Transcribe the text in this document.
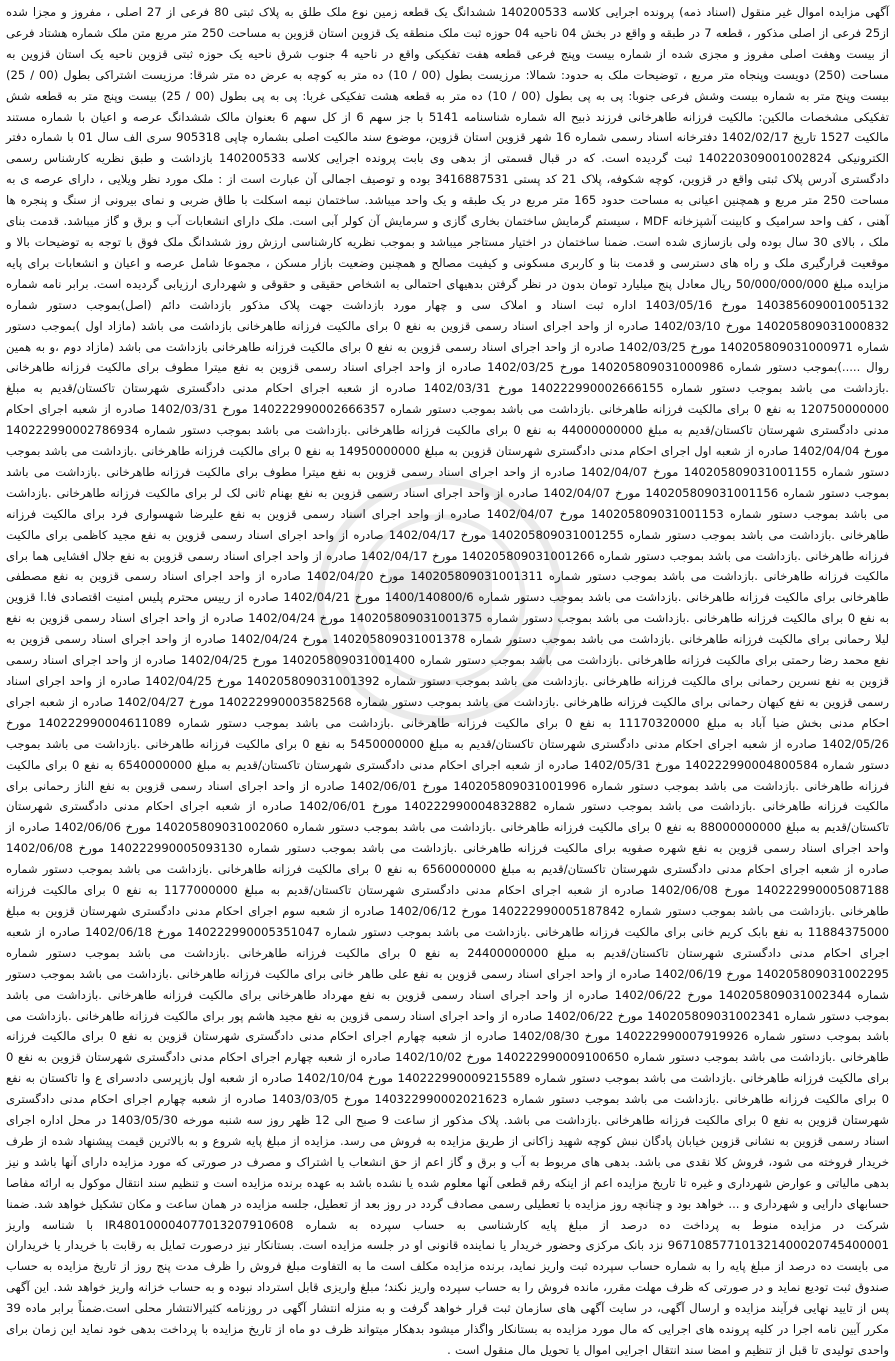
آگهی مزایده اموال غیر منقول (اسناد ذمه) پرونده اجرایی کلاسه 140200533 ششدانگ یک قطعه زمین نوع ملک طلق به پلاک ثبتی 80 فرعی از 27 اصلی ، مفروز و مجزا شده از25 فرعی از اصلی مذکور ، قطعه 7 در طبقه و واقع در بخش 04 ناحیه 04 حوزه ثبت ملک منطقه یک قزوین استان قزوین به مساحت 250 متر مربع متن ملک شماره هشتاد فرعی از بیست وهفت اصلی مفروز و مجزی شده از شماره بیست وپنج فرعی قطعه هفت تفکیکی واقع در ناحیه 4 جنوب شرق ناحیه یک حوزه ثبتی قزوین ناحیه یک استان قزوین به مساحت (250) دویست وپنجاه متر مربع ، توضیحات ملک به حدود: شمالا: مرزیست بطول (00 / 10) ده متر به کوچه به عرض ده متر شرقا: مرزیست اشتراکی بطول (00 / 25) بیست وپنج متر به شماره بیست وشش فرعی جنوبا: پی به پی بطول (00 / 10) ده متر به قطعه هشت تفکیکی غربا: پی به پی بطول (00 / 25) بیست وپنج متر به قطعه شش تفکیکی مشخصات مالکین: مالکیت فرزانه طاهرخانی فرزند ذبیح اله شماره شناسنامه 5141 با جز سهم 6 از کل سهم 6 بعنوان مالک ششدانگ عرصه و اعیان با شماره مستند مالکیت 1527 تاریخ 1402/02/17 دفترخانه اسناد رسمی شماره 16 شهر قزوین استان قزوین، موضوع سند مالکیت اصلی بشماره چاپی 905318 سری الف سال 01 با شماره دفتر الکترونیکی 140220309001002824 ثبت گردیده است. که در قبال قسمتی از بدهی وی بابت پرونده اجرایی کلاسه 140200533 بازداشت و طبق نظریه کارشناس رسمی دادگستری آدرس پلاک ثبتی واقع در قزوین، کوچه شکوفه، پلاک 21 کد پستی 3416887531 بوده و توصیف اجمالی آن عبارت است از : ملک مورد نظر ویلایی ، دارای عرصه ی به مساحت 250 متر مربع و همچنین اعیانی به مساحت حدود 165 متر مربع در یک طبقه و یک واحد میباشد. ساختمان نیمه اسکلت با طاق ضربی و نمای بیرونی از سنگ و پنجره ها آهنی ، کف واحد سرامیک و کابینت آشپزخانه MDF ، سیستم گرمایش ساختمان بخاری گازی و سرمایش آن کولر آبی است. ملک دارای انشعابات آب و برق و گاز میباشد. قدمت بنای ملک ، بالای 30 سال بوده ولی بازسازی شده است. ضمنا ساختمان در اختیار مستاجر میباشد و بموجب نظریه کارشناسی ارزش روز ششدانگ ملک فوق با توجه به توضیحات بالا و موقعیت قرارگیری ملک و راه های دسترسی و قدمت بنا و کاربری مسکونی و کیفیت مصالح و همچنین وضعیت بازار مسکن ، مجموعا شامل عرصه و اعیان و انشعابات برای پایه مزایده مبلغ 50/000/000/000 ریال معادل پنج میلیارد تومان بدون در نظر گرفتن بدهیهای احتمالی به اشخاص حقیقی و حقوقی و شهرداری ارزیابی گردیده است. برابر نامه شماره 140385609001005132 مورخ 1403/05/16 اداره ثبت اسناد و املاک سی و چهار مورد بازداشت جهت پلاک مذکور بازداشت دائم (اصل)بموجب دستور شماره 140205809031000832 مورخ 1402/03/10 صادره از واحد اجرای اسناد رسمی قزوین به نفع 0 برای مالکیت فرزانه طاهرخانی بازداشت می باشد (مازاد اول )بموجب دستور شماره 140205809031000971 مورخ 1402/03/25 صادره از واحد اجرای اسناد رسمی قزوین به نفع 0 برای مالکیت فرزانه طاهرخانی بازداشت می باشد (مازاد دوم ،و به همین روال .....)بموجب دستور شماره 140205809031000986 مورخ 1402/03/25 صادره از واحد اجرای اسناد رسمی قزوین به نفع میترا مطوف برای مالکیت فرزانه طاهرخانی .بازداشت می باشد بموجب دستور شماره 140222990002666155 مورخ 1402/03/31 صادره از شعبه اجرای احکام مدنی دادگستری شهرستان تاکستان/قدیم به مبلغ 120750000000 به نفع 0 برای مالکیت فرزانه طاهرخانی .بازداشت می باشد بموجب دستور شماره 140222990002666357 مورخ 1402/03/31 صادره از شعبه اجرای احکام مدنی دادگستری شهرستان تاکستان/قدیم به مبلغ 44000000000 به نفع 0 برای مالکیت فرزانه طاهرخانی .بازداشت می باشد بموجب دستور شماره 140222990002786934 مورخ 1402/04/04 صادره از شعبه اول اجرای احکام مدنی دادگستری شهرستان قزوین به مبلغ 14950000000 به نفع 0 برای مالکیت فرزانه طاهرخانی .بازداشت می باشد بموجب دستور شماره 140205809031001155 مورخ 1402/04/07 صادره از واحد اجرای اسناد رسمی قزوین به نفع میترا مطوف برای مالکیت فرزانه طاهرخانی .بازداشت می باشد بموجب دستور شماره 140205809031001156 مورخ 1402/04/07 صادره از واحد اجرای اسناد رسمی قزوین به نفع بهنام ثانی لک لر برای مالکیت فرزانه طاهرخانی .بازداشت می باشد بموجب دستور شماره 140205809031001153 مورخ 1402/04/07 صادره از واحد اجرای اسناد رسمی قزوین به نفع علیرضا شهسواری فرد برای مالکیت فرزانه طاهرخانی .بازداشت می باشد بموجب دستور شماره 140205809031001255 مورخ 1402/04/17 صادره از واحد اجرای اسناد رسمی قزوین به نفع مجید کاظمی برای مالکیت فرزانه طاهرخانی .بازداشت می باشد بموجب دستور شماره 140205809031001266 مورخ 1402/04/17 صادره از واحد اجرای اسناد رسمی قزوین به نفع جلال افشایی هما برای مالکیت فرزانه طاهرخانی .بازداشت می باشد بموجب دستور شماره 140205809031001311 مورخ 1402/04/20 صادره از واحد اجرای اسناد رسمی قزوین به نفع مصطفی طاهرخانی برای مالکیت فرزانه طاهرخانی .بازداشت می باشد بموجب دستور شماره 1400/140800/6 مورخ 1402/04/21 صادره از رییس محترم پلیس امنیت اقتصادی فا.ا قزوین به نفع 0 برای مالکیت فرزانه طاهرخانی .بازداشت می باشد بموجب دستور شماره 140205809031001375 مورخ 1402/04/24 صادره از واحد اجرای اسناد رسمی قزوین به نفع لیلا رحمانی برای مالکیت فرزانه طاهرخانی .بازداشت می باشد بموجب دستور شماره 140205809031001378 مورخ 1402/04/24 صادره از واحد اجرای اسناد رسمی قزوین به نفع محمد رضا رحمتی برای مالکیت فرزانه طاهرخانی .بازداشت می باشد بموجب دستور شماره 140205809031001400 مورخ 1402/04/25 صادره از واحد اجرای اسناد رسمی قزوین به نفع نسرین رحمانی برای مالکیت فرزانه طاهرخانی .بازداشت می باشد بموجب دستور شماره 140205809031001392 مورخ 1402/04/25 صادره از واحد اجرای اسناد رسمی قزوین به نفع کیهان رحمانی برای مالکیت فرزانه طاهرخانی .بازداشت می باشد بموجب دستور شماره 140222990003582568 مورخ 1402/04/27 صادره از شعبه اجرای احکام مدنی بخش ضیا آباد به مبلغ 11170320000 به نفع 0 برای مالکیت فرزانه طاهرخانی .بازداشت می باشد بموجب دستور شماره 140222990004611089 مورخ 1402/05/26 صادره از شعبه اجرای احکام مدنی دادگستری شهرستان تاکستان/قدیم به مبلغ 5450000000 به نفع 0 برای مالکیت فرزانه طاهرخانی .بازداشت می باشد بموجب دستور شماره 140222990004800584 مورخ 1402/05/31 صادره از شعبه اجرای احکام مدنی دادگستری شهرستان تاکستان/قدیم به مبلغ 6540000000 به نفع 0 برای مالکیت فرزانه طاهرخانی .بازداشت می باشد بموجب دستور شماره 140205809031001996 مورخ 1402/06/01 صادره از واحد اجرای اسناد رسمی قزوین به نفع الناز رحمانی برای مالکیت فرزانه طاهرخانی .بازداشت می باشد بموجب دستور شماره 140222990004832882 مورخ 1402/06/01 صادره از شعبه اجرای احکام مدنی دادگستری شهرستان تاکستان/قدیم به مبلغ 88000000000 به نفع 0 برای مالکیت فرزانه طاهرخانی .بازداشت می باشد بموجب دستور شماره 140205809031002060 مورخ 1402/06/06 صادره از واحد اجرای اسناد رسمی قزوین به نفع شهره صفویه برای مالکیت فرزانه طاهرخانی .بازداشت می باشد بموجب دستور شماره 140222990005093130 مورخ 1402/06/08 صادره از شعبه اجرای احکام مدنی دادگستری شهرستان تاکستان/قدیم به مبلغ 6560000000 به نفع 0 برای مالکیت فرزانه طاهرخانی .بازداشت می باشد بموجب دستور شماره 140222990005087188 مورخ 1402/06/08 صادره از شعبه اجرای احکام مدنی دادگستری شهرستان تاکستان/قدیم به مبلغ 1177000000 به نفع 0 برای مالکیت فرزانه طاهرخانی .بازداشت می باشد بموجب دستور شماره 140222990005187842 مورخ 1402/06/12 صادره از شعبه سوم اجرای احکام مدنی دادگستری شهرستان قزوین به مبلغ 11884375000 به نفع بابک کریم خانی برای مالکیت فرزانه طاهرخانی .بازداشت می باشد بموجب دستور شماره 140222990005351047 مورخ 1402/06/18 صادره از شعبه اجرای احکام مدنی دادگستری شهرستان تاکستان/قدیم به مبلغ 24400000000 به نفع 0 برای مالکیت فرزانه طاهرخانی .بازداشت می باشد بموجب دستور شماره 140205809031002295 مورخ 1402/06/19 صادره از واحد اجرای اسناد رسمی قزوین به نفع علی طاهر خانی برای مالکیت فرزانه طاهرخانی .بازداشت می باشد بموجب دستور شماره 140205809031002344 مورخ 1402/06/22 صادره از واحد اجرای اسناد رسمی قزوین به نفع مهرداد طاهرخانی برای مالکیت فرزانه طاهرخانی .بازداشت می باشد بموجب دستور شماره 140205809031002341 مورخ 1402/06/22 صادره از واحد اجرای اسناد رسمی قزوین به نفع مجید هاشم پور برای مالکیت فرزانه طاهرخانی .بازداشت می باشد بموجب دستور شماره 140222990007919926 مورخ 1402/08/30 صادره از شعبه چهارم اجرای احکام مدنی دادگستری شهرستان قزوین به نفع 0 برای مالکیت فرزانه طاهرخانی .بازداشت می باشد بموجب دستور شماره 140222990009100650 مورخ 1402/10/02 صادره از شعبه چهارم اجرای احکام مدنی دادگستری شهرستان قزوین به نفع 0 برای مالکیت فرزانه طاهرخانی .بازداشت می باشد بموجب دستور شماره 140222990009215589 مورخ 1402/10/04 صادره از شعبه اول بازپرسی دادسرای ع وا تاکستان به نفع 0 برای مالکیت فرزانه طاهرخانی .بازداشت می باشد بموجب دستور شماره 140322990002021623 مورخ 1403/03/05 صادره از شعبه چهارم اجرای احکام مدنی دادگستری شهرستان قزوین به نفع 0 برای مالکیت فرزانه طاهرخانی .بازداشت می باشد. پلاک مذکور از ساعت 9 صبح الی 12 ظهر روز سه شنبه مورخه 1403/05/30 در محل اداره اجرای اسناد رسمی قزوین به نشانی قزوین خیابان پادگان نبش کوچه شهید زاکانی از طریق مزایده به فروش می رسد. مزایده از مبلغ پایه شروع و به بالاترین قیمت پیشنهاد شده از طرف خریدار فروخته می شود، فروش کلا نقدی می باشد. بدهی های مربوط به آب و برق و گاز اعم از حق انشعاب یا اشتراک و مصرف در صورتی که مورد مزایده دارای آنها باشد و نیز بدهی مالیاتی و عوارض شهرداری و غیره تا تاریخ مزایده اعم از اینکه رقم قطعی آنها معلوم شده یا نشده باشد به عهده برنده مزایده است و تنظیم سند انتقال موکول به ارائه مفاصا حسابهای دارایی و شهرداری و ... خواهد بود و چنانچه روز مزایده با تعطیلی رسمی مصادف گردد در روز بعد از تعطیل، جلسه مزایده در همان ساعت و مکان تشکیل خواهد شد. ضمنا شرکت در مزایده منوط به پرداخت ده درصد از مبلغ پایه کارشناسی به حساب سپرده به شماره IR480100004077013207910608 با شناسه واریز 967108577101321400020745400001 نزد بانک مرکزی وحضور خریدار یا نماینده قانونی او در جلسه مزایده است. بستانکار نیز درصورت تمایل به رقابت با خریدار یا خریداران می بایست ده درصد از مبلغ پایه را به شماره حساب سپرده ثبت واریز نماید، برنده مزایده مکلف است ما به التفاوت مبلغ فروش را ظرف مدت پنج روز از تاریخ مزایده به حساب صندوق ثبت تودیع نماید و در صورتی که ظرف مهلت مقرر، مانده فروش را به حساب سپرده واریز نکند؛ مبلغ واریزی قابل استرداد نبوده و به حساب خزانه واریز خواهد شد. این آگهی پس از تایید نهایی فرآیند مزایده و ارسال آگهی، در سایت آگهی های سازمان ثبت قرار خواهد گرفت و به منزله انتشار آگهی در روزنامه کثیرالانتشار محلی است.ضمناً برابر ماده 39 مکرر آیین نامه اجرا در کلیه پرونده های اجرایی که مال مورد مزایده به بستانکار واگذار میشود بدهکار میتواند ظرف دو ماه از تاریخ مزایده با پرداخت بدهی خود نماید این زمان برای واحدی تولیدی تا قبل از تنظیم و امضا سند انتقال اجرایی اموال یا تحویل مال منقول است .
